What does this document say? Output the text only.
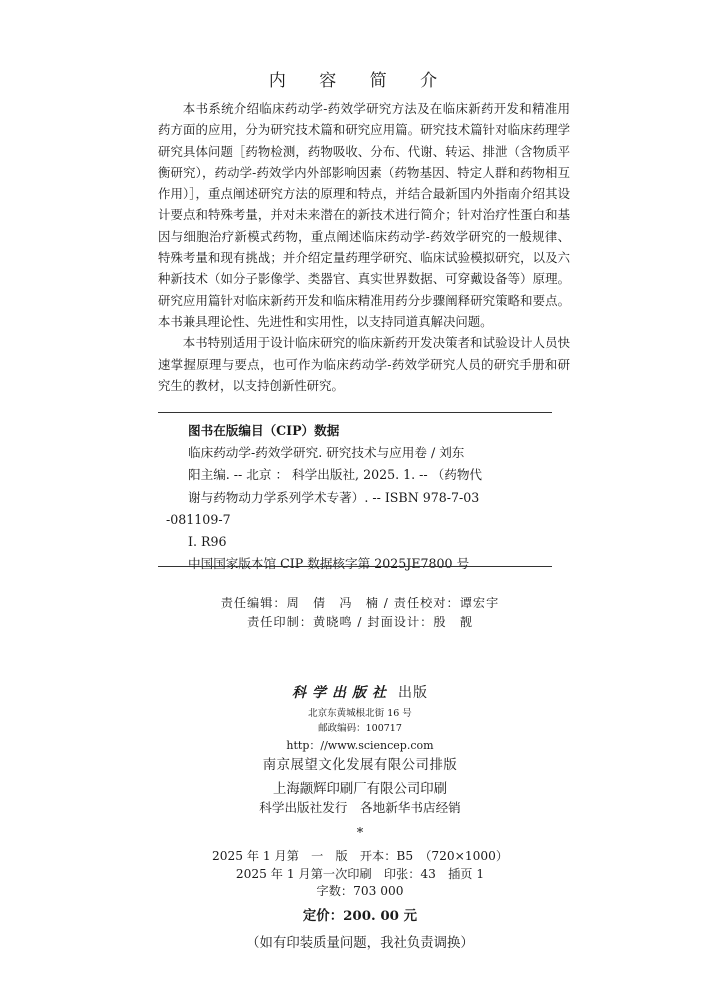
内 容 简 介

本书系统介绍临床药动学-药效学研究方法及在临床新药开发和精准用药方面的应用，分为研究技术篇和研究应用篇。研究技术篇针对临床药理学研究具体问题［药物检测，药物吸收、分布、代谢、转运、排泄（含物质平衡研究），药动学-药效学内外部影响因素（药物基因、特定人群和药物相互作用）］，重点阐述研究方法的原理和特点，并结合最新国内外指南介绍其设计要点和特殊考量，并对未来潜在的新技术进行简介；针对治疗性蛋白和基因与细胞治疗新模式药物，重点阐述临床药动学-药效学研究的一般规律、特殊考量和现有挑战；并介绍定量药理学研究、临床试验模拟研究，以及六种新技术（如分子影像学、类器官、真实世界数据、可穿戴设备等）原理。研究应用篇针对临床新药开发和临床精准用药分步骤阐释研究策略和要点。本书兼具理论性、先进性和实用性，以支持同道真解决问题。

本书特别适用于设计临床研究的临床新药开发决策者和试验设计人员快速掌握原理与要点，也可作为临床药动学-药效学研究人员的研究手册和研究生的教材，以支持创新性研究。

图书在版编目（CIP）数据
临床药动学-药效学研究. 研究技术与应用卷 / 刘东
阳主编. -- 北京 ： 科学出版社, 2025. 1. -- （药物代
谢与药物动力学系列学术专著）. -- ISBN 978-7-03
-081109-7
Ⅰ. R96
中国国家版本馆 CIP 数据核字第 2025JE7800 号
责任编辑：周　倩　冯　楠 / 责任校对：谭宏宇
责任印制：黄晓鸣 / 封面设计：殷　靓
科学出版社 出版
北京东黄城根北街 16 号
邮政编码：100717
http：//www.sciencep.com
南京展望文化发展有限公司排版
上海颛辉印刷厂有限公司印刷
科学出版社发行　各地新华书店经销
*
2025 年 1 月第　一　版　开本：B5　（720×1000）
2025 年 1 月第一次印刷　印张：43　插页 1
字数：703 000
定价：200. 00 元
（如有印装质量问题，我社负责调换）
